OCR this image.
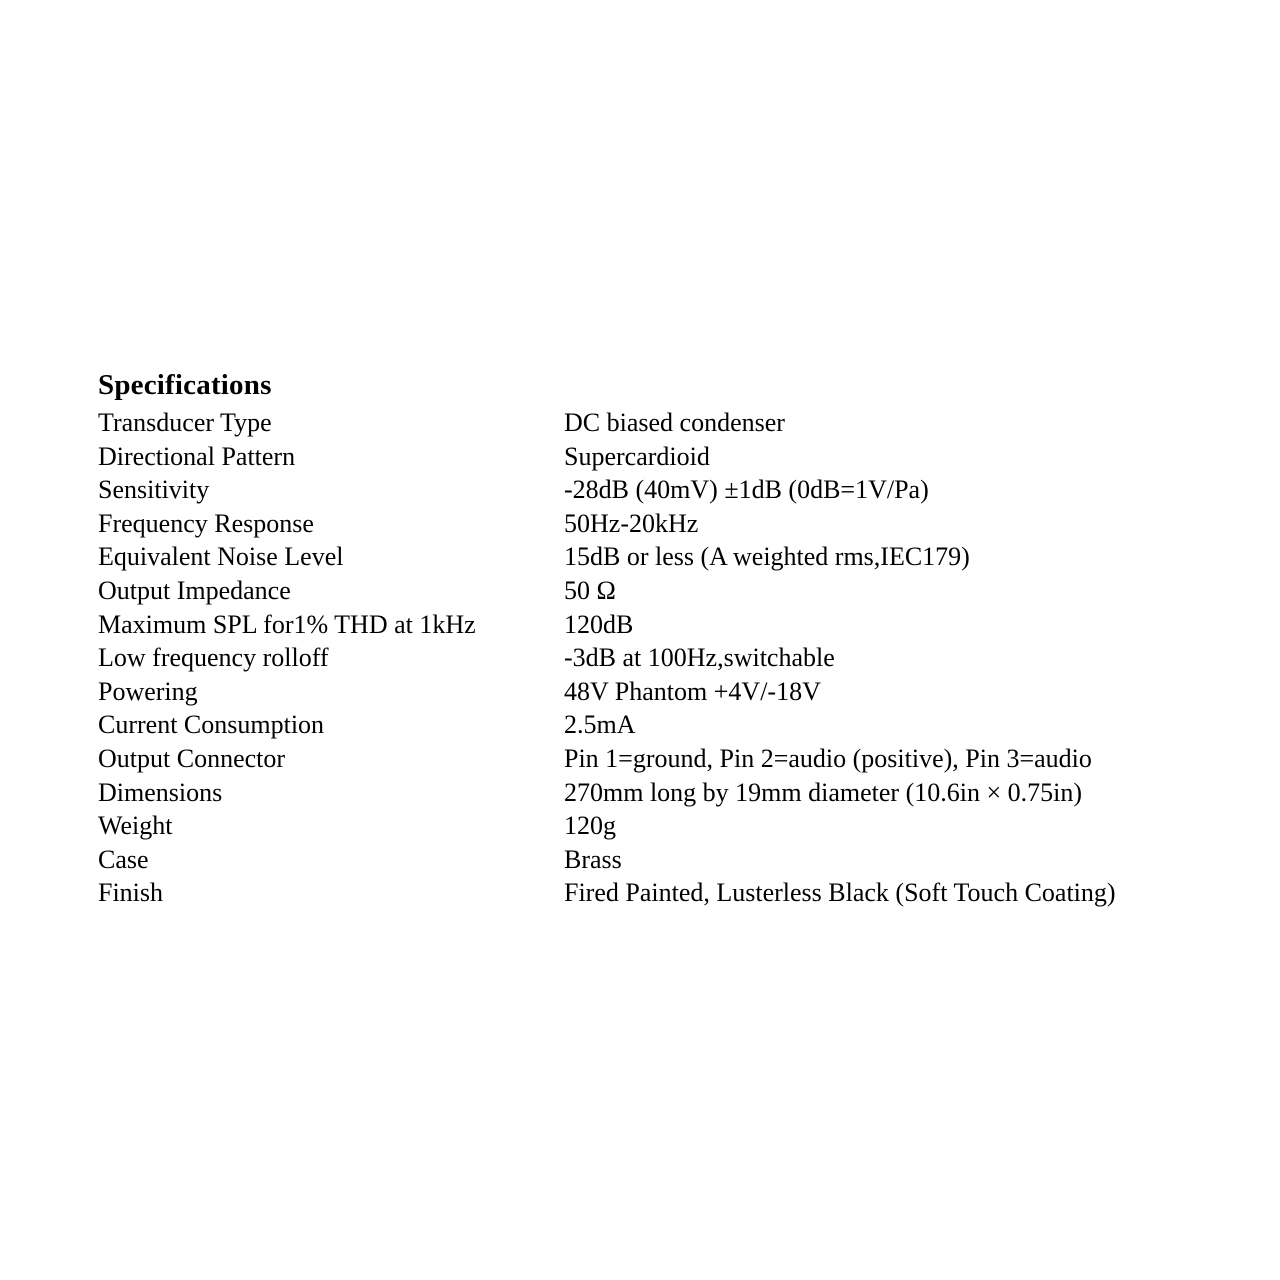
Specifications
Transducer Type	DC biased condenser
Directional Pattern	Supercardioid
Sensitivity	-28dB (40mV) ±1dB (0dB=1V/Pa)
Frequency Response	50Hz-20kHz
Equivalent Noise Level	15dB or less (A weighted rms,IEC179)
Output Impedance	50 Ω
Maximum SPL for1% THD at 1kHz	120dB
Low frequency rolloff	-3dB at 100Hz,switchable
Powering	48V Phantom +4V/-18V
Current Consumption	2.5mA
Output Connector	Pin 1=ground, Pin 2=audio (positive), Pin 3=audio
Dimensions	270mm long by 19mm diameter (10.6in × 0.75in)
Weight	120g
Case	Brass
Finish	Fired Painted, Lusterless Black (Soft Touch Coating)
